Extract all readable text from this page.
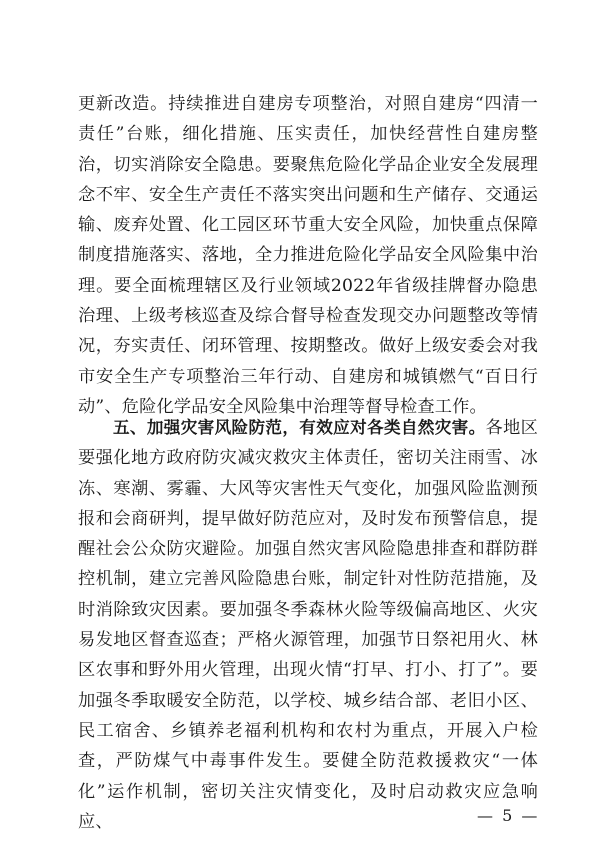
更新改造。持续推进自建房专项整治，对照自建房“四清一责任”台账，细化措施、压实责任，加快经营性自建房整治，切实消除安全隐患。要聚焦危险化学品企业安全发展理念不牢、安全生产责任不落实突出问题和生产储存、交通运输、废弃处置、化工园区环节重大安全风险，加快重点保障制度措施落实、落地，全力推进危险化学品安全风险集中治理。要全面梳理辖区及行业领域2022年省级挂牌督办隐患治理、上级考核巡查及综合督导检查发现交办问题整改等情况，夯实责任、闭环管理、按期整改。做好上级安委会对我市安全生产专项整治三年行动、自建房和城镇燃气“百日行动”、危险化学品安全风险集中治理等督导检查工作。

五、加强灾害风险防范，有效应对各类自然灾害。各地区要强化地方政府防灾减灾救灾主体责任，密切关注雨雪、冰冻、寒潮、雾霾、大风等灾害性天气变化，加强风险监测预报和会商研判，提早做好防范应对，及时发布预警信息，提醒社会公众防灾避险。加强自然灾害风险隐患排查和群防群控机制，建立完善风险隐患台账，制定针对性防范措施，及时消除致灾因素。要加强冬季森林火险等级偏高地区、火灾易发地区督查巡查；严格火源管理，加强节日祭祀用火、林区农事和野外用火管理，出现火情“打早、打小、打了”。要加强冬季取暖安全防范，以学校、城乡结合部、老旧小区、民工宿舍、乡镇养老福利机构和农村为重点，开展入户检查，严防煤气中毒事件发生。要健全防范救援救灾“一体化”运作机制，密切关注灾情变化，及时启动救灾应急响应、	— 5 —
